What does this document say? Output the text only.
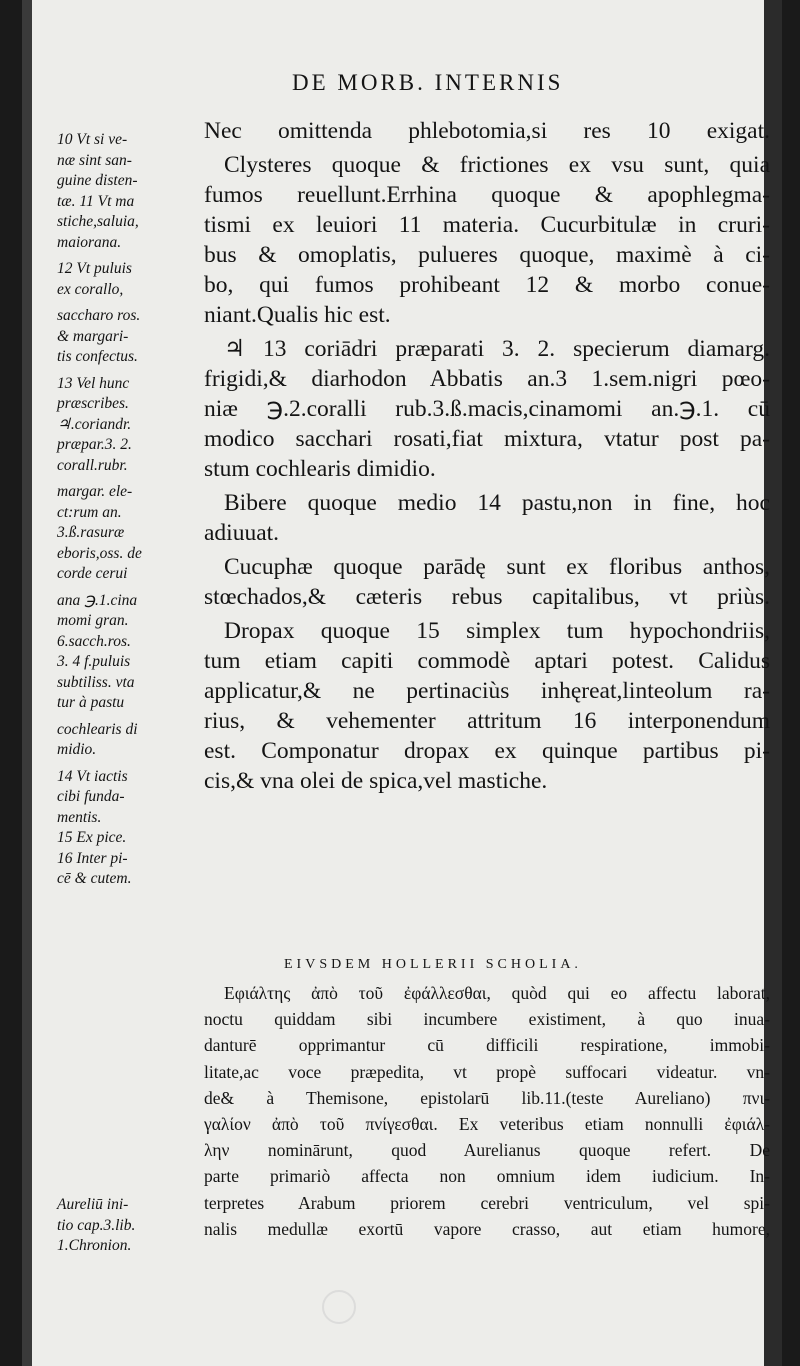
DE MORB. INTERNIS
10 Vt si ve-
næ sint san-
guine disten-
tæ. 11 Vt ma
stiche,saluia,
maiorana.
12 Vt puluis
ex corallo,
saccharo ros.
& margari-
tis confectus.
13 Vel hunc
præscribes.
♃.coriandr.
præpar.3. 2.
corall.rubr.
margar. ele-
ct:rum an.
3.ß.rasuræ
eboris,oss. de
corde cerui
ana ℈.1.cina
momi gran.
6.sacch.ros.
3. 4 f.puluis
subtiliss. vta
tur à pastu
cochlearis di
midio.
14 Vt iactis
cibi funda-
mentis.
15 Ex pice.
16 Inter pi-
cē & cutem.
Nec omittenda phlebotomia,si res 10 exigat.
Clysteres quoque & frictiones ex vsu sunt, quia
fumos reuellunt.Errhina quoque & apophlegma-
tismi ex leuiori 11 materia. Cucurbitulæ in cruri-
bus & omoplatis, pulueres quoque, maximè à ci-
bo, qui fumos prohibeant 12 & morbo conue-
niant.Qualis hic est.
♃ 13 coriādri præparati 3. 2. specierum diamarg.
frigidi,& diarhodon Abbatis an.3 1.sem.nigri pœo-
niæ ℈.2.coralli rub.3.ß.macis,cinamomi an.℈.1. cū
modico sacchari rosati,fiat mixtura, vtatur post pa-
stum cochlearis dimidio.
Bibere quoque medio 14 pastu,non in fine, hoc
adiuuat.
Cucuphæ quoque parādę sunt ex floribus anthos,
stœchados,& cæteris rebus capitalibus, vt priùs.
Dropax quoque 15 simplex tum hypochondriis,
tum etiam capiti commodè aptari potest. Calidus
applicatur,& ne pertinaciùs inhęreat,linteolum ra-
rius, & vehementer attritum 16 interponendum
est. Componatur dropax ex quinque partibus pi-
cis,& vna olei de spica,vel mastiche.
EIVSDEM HOLLERII SCHOLIA.
Εφιάλτης ἀπὸ τοῦ ἐφάλλεσθαι, quòd qui eo affectu laborat,
noctu quiddam sibi incumbere existiment, à quo inua-
danturē opprimantur cū difficili respiratione, immobi-
litate,ac voce præpedita, vt propè suffocari videatur. vn-
de& à Themisone, epistolarū lib.11.(teste Aureliano) πνι-
γαλίον ἀπὸ τοῦ πνίγεσθαι. Ex veteribus etiam nonnulli ἐφιάλ-
λην nominārunt, quod Aurelianus quoque refert. De
parte primariò affecta non omnium idem iudicium. In-
terpretes Arabum priorem cerebri ventriculum, vel spi-
nalis medullæ exortū vapore crasso, aut etiam humore,
Aureliū ini-
tio cap.3.lib.
1.Chronion.
